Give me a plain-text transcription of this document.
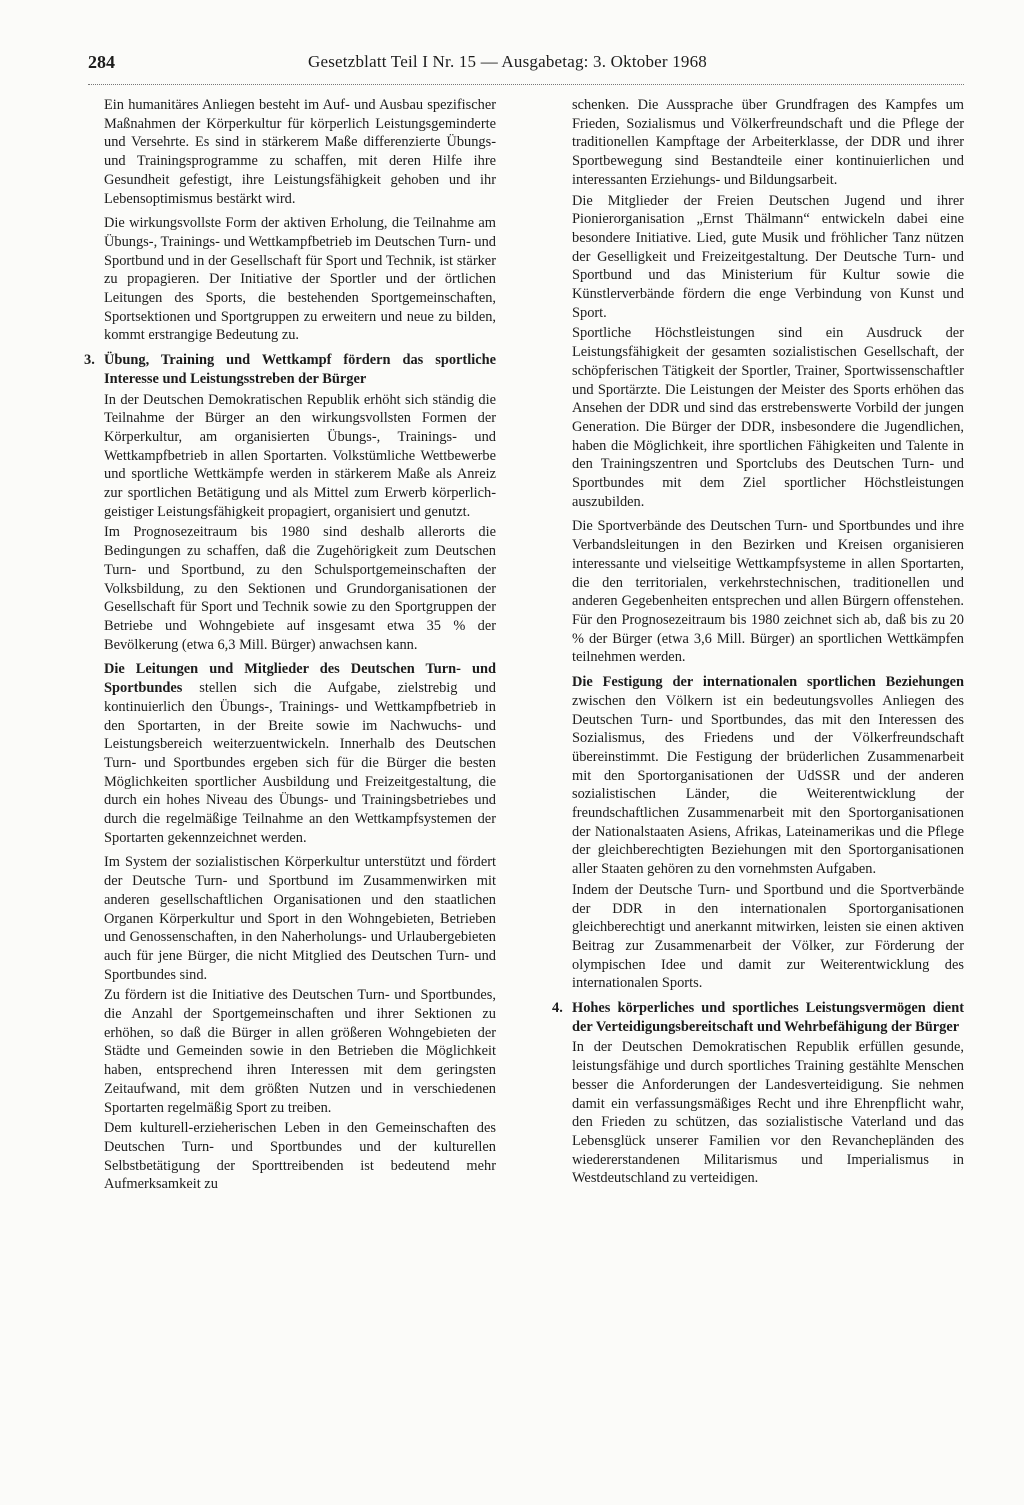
284	Gesetzblatt Teil I Nr. 15 — Ausgabetag: 3. Oktober 1968

Ein humanitäres Anliegen besteht im Auf- und Ausbau spezifischer Maßnahmen der Körperkultur für körperlich Leistungsgeminderte und Versehrte. Es sind in stärkerem Maße differenzierte Übungs- und Trainingsprogramme zu schaffen, mit deren Hilfe ihre Gesundheit gefestigt, ihre Leistungsfähigkeit gehoben und ihr Lebensoptimismus bestärkt wird.

Die wirkungsvollste Form der aktiven Erholung, die Teilnahme am Übungs-, Trainings- und Wettkampfbetrieb im Deutschen Turn- und Sportbund und in der Gesellschaft für Sport und Technik, ist stärker zu propagieren. Der Initiative der Sportler und der örtlichen Leitungen des Sports, die bestehenden Sportgemeinschaften, Sportsektionen und Sportgruppen zu erweitern und neue zu bilden, kommt erstrangige Bedeutung zu.

3. Übung, Training und Wettkampf fördern das sportliche Interesse und Leistungsstreben der Bürger

In der Deutschen Demokratischen Republik erhöht sich ständig die Teilnahme der Bürger an den wirkungsvollsten Formen der Körperkultur, am organisierten Übungs-, Trainings- und Wettkampfbetrieb in allen Sportarten. Volkstümliche Wettbewerbe und sportliche Wettkämpfe werden in stärkerem Maße als Anreiz zur sportlichen Betätigung und als Mittel zum Erwerb körperlich-geistiger Leistungsfähigkeit propagiert, organisiert und genutzt.

Im Prognosezeitraum bis 1980 sind deshalb allerorts die Bedingungen zu schaffen, daß die Zugehörigkeit zum Deutschen Turn- und Sportbund, zu den Schulsportgemeinschaften der Volksbildung, zu den Sektionen und Grundorganisationen der Gesellschaft für Sport und Technik sowie zu den Sportgruppen der Betriebe und Wohngebiete auf insgesamt etwa 35 % der Bevölkerung (etwa 6,3 Mill. Bürger) anwachsen kann.

Die Leitungen und Mitglieder des Deutschen Turn- und Sportbundes stellen sich die Aufgabe, zielstrebig und kontinuierlich den Übungs-, Trainings- und Wettkampfbetrieb in den Sportarten, in der Breite sowie im Nachwuchs- und Leistungsbereich weiterzuentwickeln. Innerhalb des Deutschen Turn- und Sportbundes ergeben sich für die Bürger die besten Möglichkeiten sportlicher Ausbildung und Freizeitgestaltung, die durch ein hohes Niveau des Übungs- und Trainingsbetriebes und durch die regelmäßige Teilnahme an den Wettkampfsystemen der Sportarten gekennzeichnet werden.

Im System der sozialistischen Körperkultur unterstützt und fördert der Deutsche Turn- und Sportbund im Zusammenwirken mit anderen gesellschaftlichen Organisationen und den staatlichen Organen Körperkultur und Sport in den Wohngebieten, Betrieben und Genossenschaften, in den Naherholungs- und Urlaubergebieten auch für jene Bürger, die nicht Mitglied des Deutschen Turn- und Sportbundes sind.

Zu fördern ist die Initiative des Deutschen Turn- und Sportbundes, die Anzahl der Sportgemeinschaften und ihrer Sektionen zu erhöhen, so daß die Bürger in allen größeren Wohngebieten der Städte und Gemeinden sowie in den Betrieben die Möglichkeit haben, entsprechend ihren Interessen mit dem geringsten Zeitaufwand, mit dem größten Nutzen und in verschiedenen Sportarten regelmäßig Sport zu treiben.

Dem kulturell-erzieherischen Leben in den Gemeinschaften des Deutschen Turn- und Sportbundes und der kulturellen Selbstbetätigung der Sporttreibenden ist bedeutend mehr Aufmerksamkeit zu

schenken. Die Aussprache über Grundfragen des Kampfes um Frieden, Sozialismus und Völkerfreundschaft und die Pflege der traditionellen Kampftage der Arbeiterklasse, der DDR und ihrer Sportbewegung sind Bestandteile einer kontinuierlichen und interessanten Erziehungs- und Bildungsarbeit.

Die Mitglieder der Freien Deutschen Jugend und ihrer Pionierorganisation „Ernst Thälmann“ entwickeln dabei eine besondere Initiative. Lied, gute Musik und fröhlicher Tanz nützen der Geselligkeit und Freizeitgestaltung. Der Deutsche Turn- und Sportbund und das Ministerium für Kultur sowie die Künstlerverbände fördern die enge Verbindung von Kunst und Sport.

Sportliche Höchstleistungen sind ein Ausdruck der Leistungsfähigkeit der gesamten sozialistischen Gesellschaft, der schöpferischen Tätigkeit der Sportler, Trainer, Sportwissenschaftler und Sportärzte. Die Leistungen der Meister des Sports erhöhen das Ansehen der DDR und sind das erstrebenswerte Vorbild der jungen Generation. Die Bürger der DDR, insbesondere die Jugendlichen, haben die Möglichkeit, ihre sportlichen Fähigkeiten und Talente in den Trainingszentren und Sportclubs des Deutschen Turn- und Sportbundes mit dem Ziel sportlicher Höchstleistungen auszubilden.

Die Sportverbände des Deutschen Turn- und Sportbundes und ihre Verbandsleitungen in den Bezirken und Kreisen organisieren interessante und vielseitige Wettkampfsysteme in allen Sportarten, die den territorialen, verkehrstechnischen, traditionellen und anderen Gegebenheiten entsprechen und allen Bürgern offenstehen. Für den Prognosezeitraum bis 1980 zeichnet sich ab, daß bis zu 20 % der Bürger (etwa 3,6 Mill. Bürger) an sportlichen Wettkämpfen teilnehmen werden.

Die Festigung der internationalen sportlichen Beziehungen zwischen den Völkern ist ein bedeutungsvolles Anliegen des Deutschen Turn- und Sportbundes, das mit den Interessen des Sozialismus, des Friedens und der Völkerfreundschaft übereinstimmt. Die Festigung der brüderlichen Zusammenarbeit mit den Sportorganisationen der UdSSR und der anderen sozialistischen Länder, die Weiterentwicklung der freundschaftlichen Zusammenarbeit mit den Sportorganisationen der Nationalstaaten Asiens, Afrikas, Lateinamerikas und die Pflege der gleichberechtigten Beziehungen mit den Sportorganisationen aller Staaten gehören zu den vornehmsten Aufgaben.

Indem der Deutsche Turn- und Sportbund und die Sportverbände der DDR in den internationalen Sportorganisationen gleichberechtigt und anerkannt mitwirken, leisten sie einen aktiven Beitrag zur Zusammenarbeit der Völker, zur Förderung der olympischen Idee und damit zur Weiterentwicklung des internationalen Sports.

4. Hohes körperliches und sportliches Leistungsvermögen dient der Verteidigungsbereitschaft und Wehrbefähigung der Bürger

In der Deutschen Demokratischen Republik erfüllen gesunde, leistungsfähige und durch sportliches Training gestählte Menschen besser die Anforderungen der Landesverteidigung. Sie nehmen damit ein verfassungsmäßiges Recht und ihre Ehrenpflicht wahr, den Frieden zu schützen, das sozialistische Vaterland und das Lebensglück unserer Familien vor den Revanchepländen des wiedererstandenen Militarismus und Imperialismus in Westdeutschland zu verteidigen.
